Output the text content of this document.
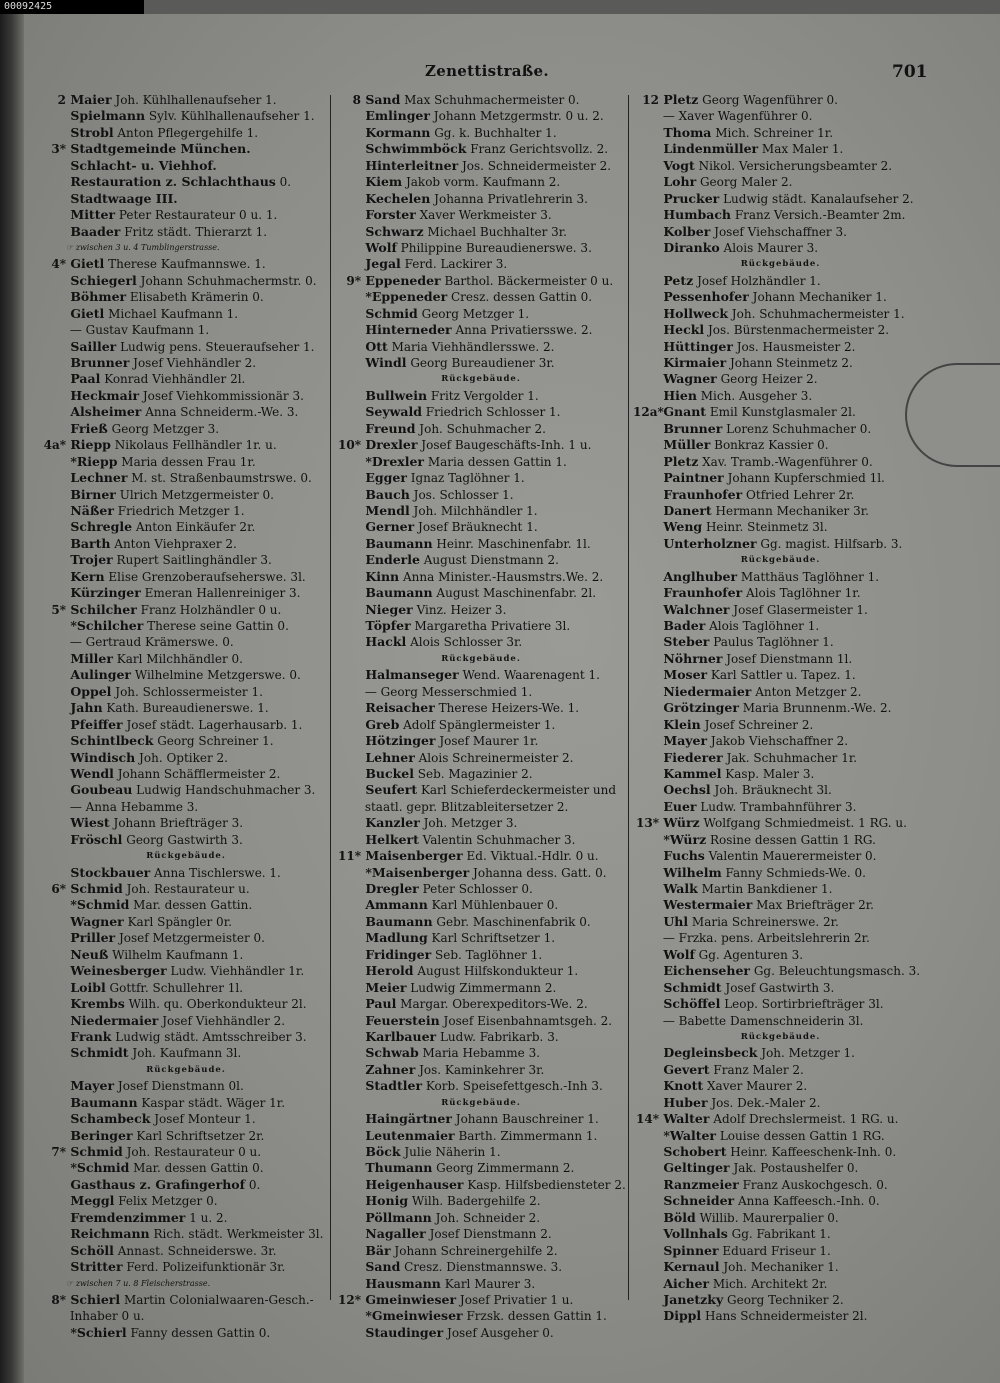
00092425
Zenettistraße.	701
2 Maier Joh. Kühlhallenaufseher 1.
Spielmann Sylv. Kühlhallenaufseher 1.
Strobl Anton Pflegergehilfe 1.
3* Stadtgemeinde München.
Schlacht- u. Viehhof.
Restauration z. Schlachthaus 0.
Stadtwaage III.
Mitter Peter Restaurateur 0 u. 1.
Baader Fritz städt. Thierarzt 1.
☞ zwischen 3 u. 4 Tumblingerstrasse.
4* Gietl Therese Kaufmannswe. 1.
Schiegerl Johann Schuhmachermstr. 0.
Böhmer Elisabeth Krämerin 0.
Gietl Michael Kaufmann 1.
— Gustav Kaufmann 1.
Sailler Ludwig pens. Steueraufseher 1.
Brunner Josef Viehhändler 2.
Paal Konrad Viehhändler 2l.
Heckmair Josef Viehkommissionär 3.
Alsheimer Anna Schneiderm.-We. 3.
Frieß Georg Metzger 3.
4a* Riepp Nikolaus Fellhändler 1r. u.
*Riepp Maria dessen Frau 1r.
Lechner M. st. Straßenbaumstrswe. 0.
Birner Ulrich Metzgermeister 0.
Näßer Friedrich Metzger 1.
Schregle Anton Einkäufer 2r.
Barth Anton Viehpraxer 2.
Trojer Rupert Saitlinghändler 3.
Kern Elise Grenzoberaufseherswe. 3l.
Kürzinger Emeran Hallenreiniger 3.
5* Schilcher Franz Holzhändler 0 u.
*Schilcher Therese seine Gattin 0.
— Gertraud Krämerswe. 0.
Miller Karl Milchhändler 0.
Aulinger Wilhelmine Metzgerswe. 0.
Oppel Joh. Schlossermeister 1.
Jahn Kath. Bureaudienerswe. 1.
Pfeiffer Josef städt. Lagerhausarb. 1.
Schintlbeck Georg Schreiner 1.
Windisch Joh. Optiker 2.
Wendl Johann Schäfflermeister 2.
Goubeau Ludwig Handschuhmacher 3.
— Anna Hebamme 3.
Wiest Johann Briefträger 3.
Fröschl Georg Gastwirth 3.
Rückgebäude.
Stockbauer Anna Tischlerswe. 1.
6* Schmid Joh. Restaurateur u.
*Schmid Mar. dessen Gattin.
Wagner Karl Spängler 0r.
Priller Josef Metzgermeister 0.
Neuß Wilhelm Kaufmann 1.
Weinesberger Ludw. Viehhändler 1r.
Loibl Gottfr. Schullehrer 1l.
Krembs Wilh. qu. Oberkondukteur 2l.
Niedermaier Josef Viehhändler 2.
Frank Ludwig städt. Amtsschreiber 3.
Schmidt Joh. Kaufmann 3l.
Rückgebäude.
Mayer Josef Dienstmann 0l.
Baumann Kaspar städt. Wäger 1r.
Schambeck Josef Monteur 1.
Beringer Karl Schriftsetzer 2r.
7* Schmid Joh. Restaurateur 0 u.
*Schmid Mar. dessen Gattin 0.
Gasthaus z. Grafingerhof 0.
Meggl Felix Metzger 0.
Fremdenzimmer 1 u. 2.
Reichmann Rich. städt. Werkmeister 3l.
Schöll Annast. Schneiderswe. 3r.
Stritter Ferd. Polizeifunktionär 3r.
☞ zwischen 7 u. 8 Fleischerstrasse.
8* Schierl Martin Colonialwaaren-Gesch.-
Inhaber 0 u.
*Schierl Fanny dessen Gattin 0.
8 Sand Max Schuhmachermeister 0.
Emlinger Johann Metzgermstr. 0 u. 2.
Kormann Gg. k. Buchhalter 1.
Schwimmböck Franz Gerichtsvollz. 2.
Hinterleitner Jos. Schneidermeister 2.
Kiem Jakob vorm. Kaufmann 2.
Kechelen Johanna Privatlehrerin 3.
Forster Xaver Werkmeister 3.
Schwarz Michael Buchhalter 3r.
Wolf Philippine Bureaudienerswe. 3.
Jegal Ferd. Lackirer 3.
9* Eppeneder Barthol. Bäckermeister 0 u.
*Eppeneder Cresz. dessen Gattin 0.
Schmid Georg Metzger 1.
Hinterneder Anna Privatiersswe. 2.
Ott Maria Viehhändlersswe. 2.
Windl Georg Bureaudiener 3r.
Rückgebäude.
Bullwein Fritz Vergolder 1.
Seywald Friedrich Schlosser 1.
Freund Joh. Schuhmacher 2.
10* Drexler Josef Baugeschäfts-Inh. 1 u.
*Drexler Maria dessen Gattin 1.
Egger Ignaz Taglöhner 1.
Bauch Jos. Schlosser 1.
Mendl Joh. Milchhändler 1.
Gerner Josef Bräuknecht 1.
Baumann Heinr. Maschinenfabr. 1l.
Enderle August Dienstmann 2.
Kinn Anna Minister.-Hausmstrs.We. 2.
Baumann August Maschinenfabr. 2l.
Nieger Vinz. Heizer 3.
Töpfer Margaretha Privatiere 3l.
Hackl Alois Schlosser 3r.
Rückgebäude.
Halmanseger Wend. Waarenagent 1.
— Georg Messerschmied 1.
Reisacher Therese Heizers-We. 1.
Greb Adolf Spänglermeister 1.
Hötzinger Josef Maurer 1r.
Lehner Alois Schreinermeister 2.
Buckel Seb. Magazinier 2.
Seufert Karl Schieferdeckermeister und
staatl. gepr. Blitzableitersetzer 2.
Kanzler Joh. Metzger 3.
Helkert Valentin Schuhmacher 3.
11* Maisenberger Ed. Viktual.-Hdlr. 0 u.
*Maisenberger Johanna dess. Gatt. 0.
Dregler Peter Schlosser 0.
Ammann Karl Mühlenbauer 0.
Baumann Gebr. Maschinenfabrik 0.
Madlung Karl Schriftsetzer 1.
Fridinger Seb. Taglöhner 1.
Herold August Hilfskondukteur 1.
Meier Ludwig Zimmermann 2.
Paul Margar. Oberexpeditors-We. 2.
Feuerstein Josef Eisenbahnamtsgeh. 2.
Karlbauer Ludw. Fabrikarb. 3.
Schwab Maria Hebamme 3.
Zahner Jos. Kaminkehrer 3r.
Stadtler Korb. Speisefettgesch.-Inh 3.
Rückgebäude.
Haingärtner Johann Bauschreiner 1.
Leutenmaier Barth. Zimmermann 1.
Böck Julie Näherin 1.
Thumann Georg Zimmermann 2.
Heigenhauser Kasp. Hilfsbediensteter 2.
Honig Wilh. Badergehilfe 2.
Pöllmann Joh. Schneider 2.
Nagaller Josef Dienstmann 2.
Bär Johann Schreinergehilfe 2.
Sand Cresz. Dienstmannswe. 3.
Hausmann Karl Maurer 3.
12* Gmeinwieser Josef Privatier 1 u.
*Gmeinwieser Frzsk. dessen Gattin 1.
Staudinger Josef Ausgeher 0.
12 Pletz Georg Wagenführer 0.
— Xaver Wagenführer 0.
Thoma Mich. Schreiner 1r.
Lindenmüller Max Maler 1.
Vogt Nikol. Versicherungsbeamter 2.
Lohr Georg Maler 2.
Prucker Ludwig städt. Kanalaufseher 2.
Humbach Franz Versich.-Beamter 2m.
Kolber Josef Viehschaffner 3.
Diranko Alois Maurer 3.
Rückgebäude.
Petz Josef Holzhändler 1.
Pessenhofer Johann Mechaniker 1.
Hollweck Joh. Schuhmachermeister 1.
Heckl Jos. Bürstenmachermeister 2.
Hüttinger Jos. Hausmeister 2.
Kirmaier Johann Steinmetz 2.
Wagner Georg Heizer 2.
Hien Mich. Ausgeher 3.
12a* Gnant Emil Kunstglasmaler 2l.
Brunner Lorenz Schuhmacher 0.
Müller Bonkraz Kassier 0.
Pletz Xav. Tramb.-Wagenführer 0.
Paintner Johann Kupferschmied 1l.
Fraunhofer Otfried Lehrer 2r.
Danert Hermann Mechaniker 3r.
Weng Heinr. Steinmetz 3l.
Unterholzner Gg. magist. Hilfsarb. 3.
Rückgebäude.
Anglhuber Matthäus Taglöhner 1.
Fraunhofer Alois Taglöhner 1r.
Walchner Josef Glasermeister 1.
Bader Alois Taglöhner 1.
Steber Paulus Taglöhner 1.
Nöhrner Josef Dienstmann 1l.
Moser Karl Sattler u. Tapez. 1.
Niedermaier Anton Metzger 2.
Grötzinger Maria Brunnenm.-We. 2.
Klein Josef Schreiner 2.
Mayer Jakob Viehschaffner 2.
Fiederer Jak. Schuhmacher 1r.
Kammel Kasp. Maler 3.
Oechsl Joh. Bräuknecht 3l.
Euer Ludw. Trambahnführer 3.
13* Würz Wolfgang Schmiedmeist. 1 RG. u.
*Würz Rosine dessen Gattin 1 RG.
Fuchs Valentin Mauerermeister 0.
Wilhelm Fanny Schmieds-We. 0.
Walk Martin Bankdiener 1.
Westermaier Max Briefträger 2r.
Uhl Maria Schreinerswe. 2r.
— Frzka. pens. Arbeitslehrerin 2r.
Wolf Gg. Agenturen 3.
Eichenseher Gg. Beleuchtungsmasch. 3.
Schmidt Josef Gastwirth 3.
Schöffel Leop. Sortirbriefträger 3l.
— Babette Damenschneiderin 3l.
Rückgebäude.
Degleinsbeck Joh. Metzger 1.
Gevert Franz Maler 2.
Knott Xaver Maurer 2.
Huber Jos. Dek.-Maler 2.
14* Walter Adolf Drechslermeist. 1 RG. u.
*Walter Louise dessen Gattin 1 RG.
Schobert Heinr. Kaffeeschenk-Inh. 0.
Geltinger Jak. Postaushelfer 0.
Ranzmeier Franz Auskochgesch. 0.
Schneider Anna Kaffeesch.-Inh. 0.
Böld Willib. Maurerpalier 0.
Vollnhals Gg. Fabrikant 1.
Spinner Eduard Friseur 1.
Kernaul Joh. Mechaniker 1.
Aicher Mich. Architekt 2r.
Janetzky Georg Techniker 2.
Dippl Hans Schneidermeister 2l.
